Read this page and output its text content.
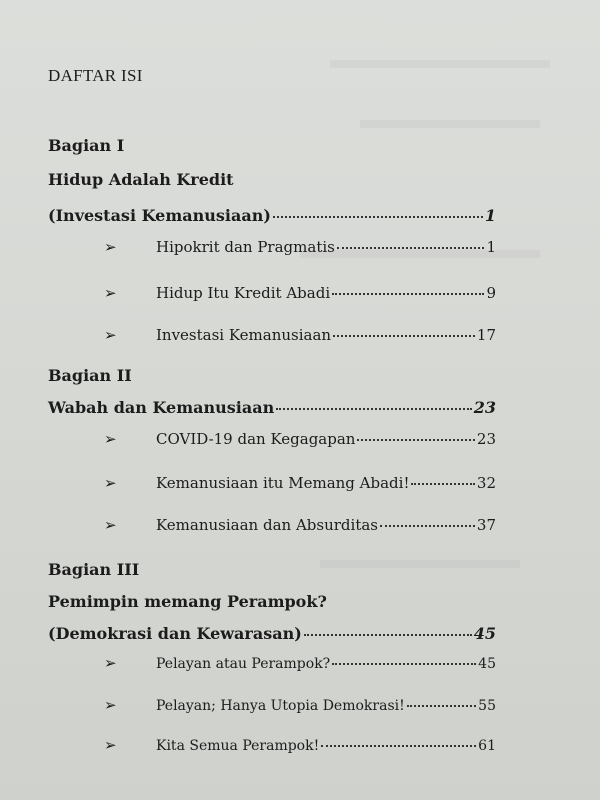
DAFTAR ISI
Bagian I
Hidup Adalah Kredit
(Investasi Kemanusiaan)	1
➢	Hipokrit dan Pragmatis	1
➢	Hidup Itu Kredit Abadi	9
➢	Investasi Kemanusiaan	17
Bagian II
Wabah dan Kemanusiaan	23
➢	COVID-19 dan Kegagapan	23
➢	Kemanusiaan itu Memang Abadi!	32
➢	Kemanusiaan dan Absurditas	37
Bagian III
Pemimpin memang Perampok?
(Demokrasi dan Kewarasan)	45
➢	Pelayan atau Perampok?	45
➢	Pelayan; Hanya Utopia Demokrasi!	55
➢	Kita Semua Perampok!	61
